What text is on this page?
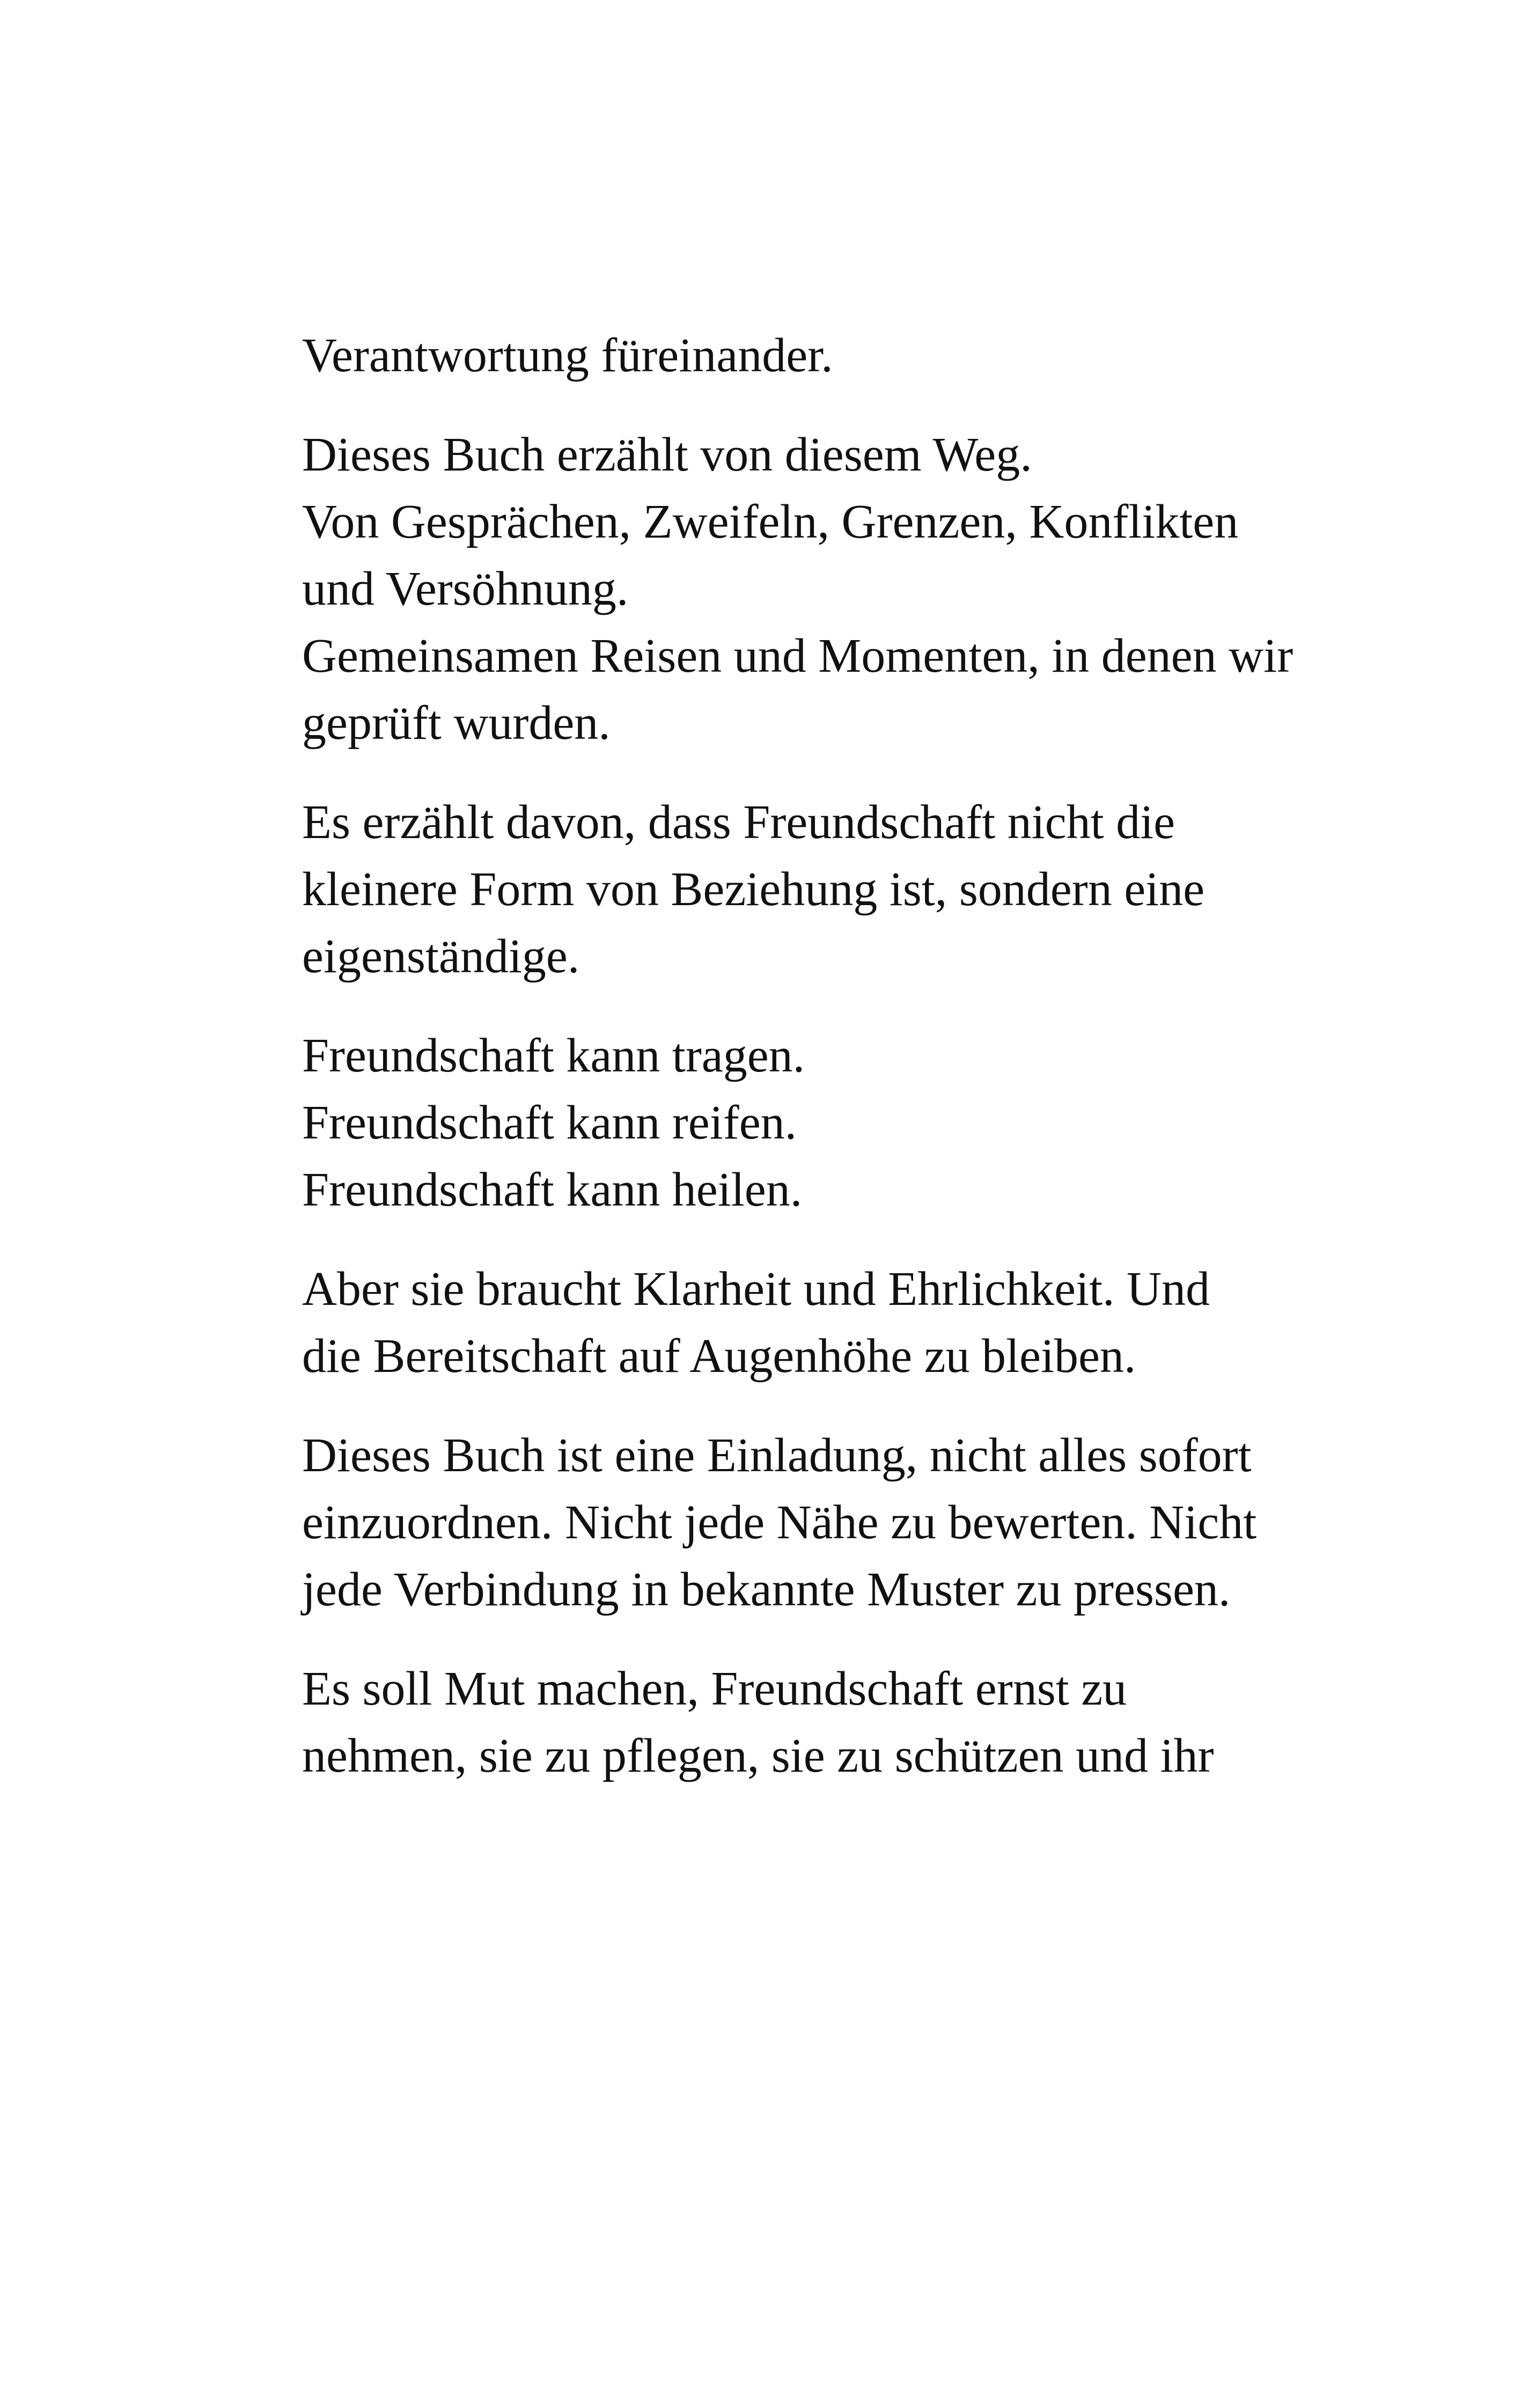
Verantwortung füreinander.

Dieses Buch erzählt von diesem Weg.
Von Gesprächen, Zweifeln, Grenzen, Konflikten
und Versöhnung.
Gemeinsamen Reisen und Momenten, in denen wir
geprüft wurden.

Es erzählt davon, dass Freundschaft nicht die
kleinere Form von Beziehung ist, sondern eine
eigenständige.

Freundschaft kann tragen.
Freundschaft kann reifen.
Freundschaft kann heilen.

Aber sie braucht Klarheit und Ehrlichkeit. Und
die Bereitschaft auf Augenhöhe zu bleiben.

Dieses Buch ist eine Einladung, nicht alles sofort
einzuordnen. Nicht jede Nähe zu bewerten. Nicht
jede Verbindung in bekannte Muster zu pressen.

Es soll Mut machen, Freundschaft ernst zu
nehmen, sie zu pflegen, sie zu schützen und ihr
